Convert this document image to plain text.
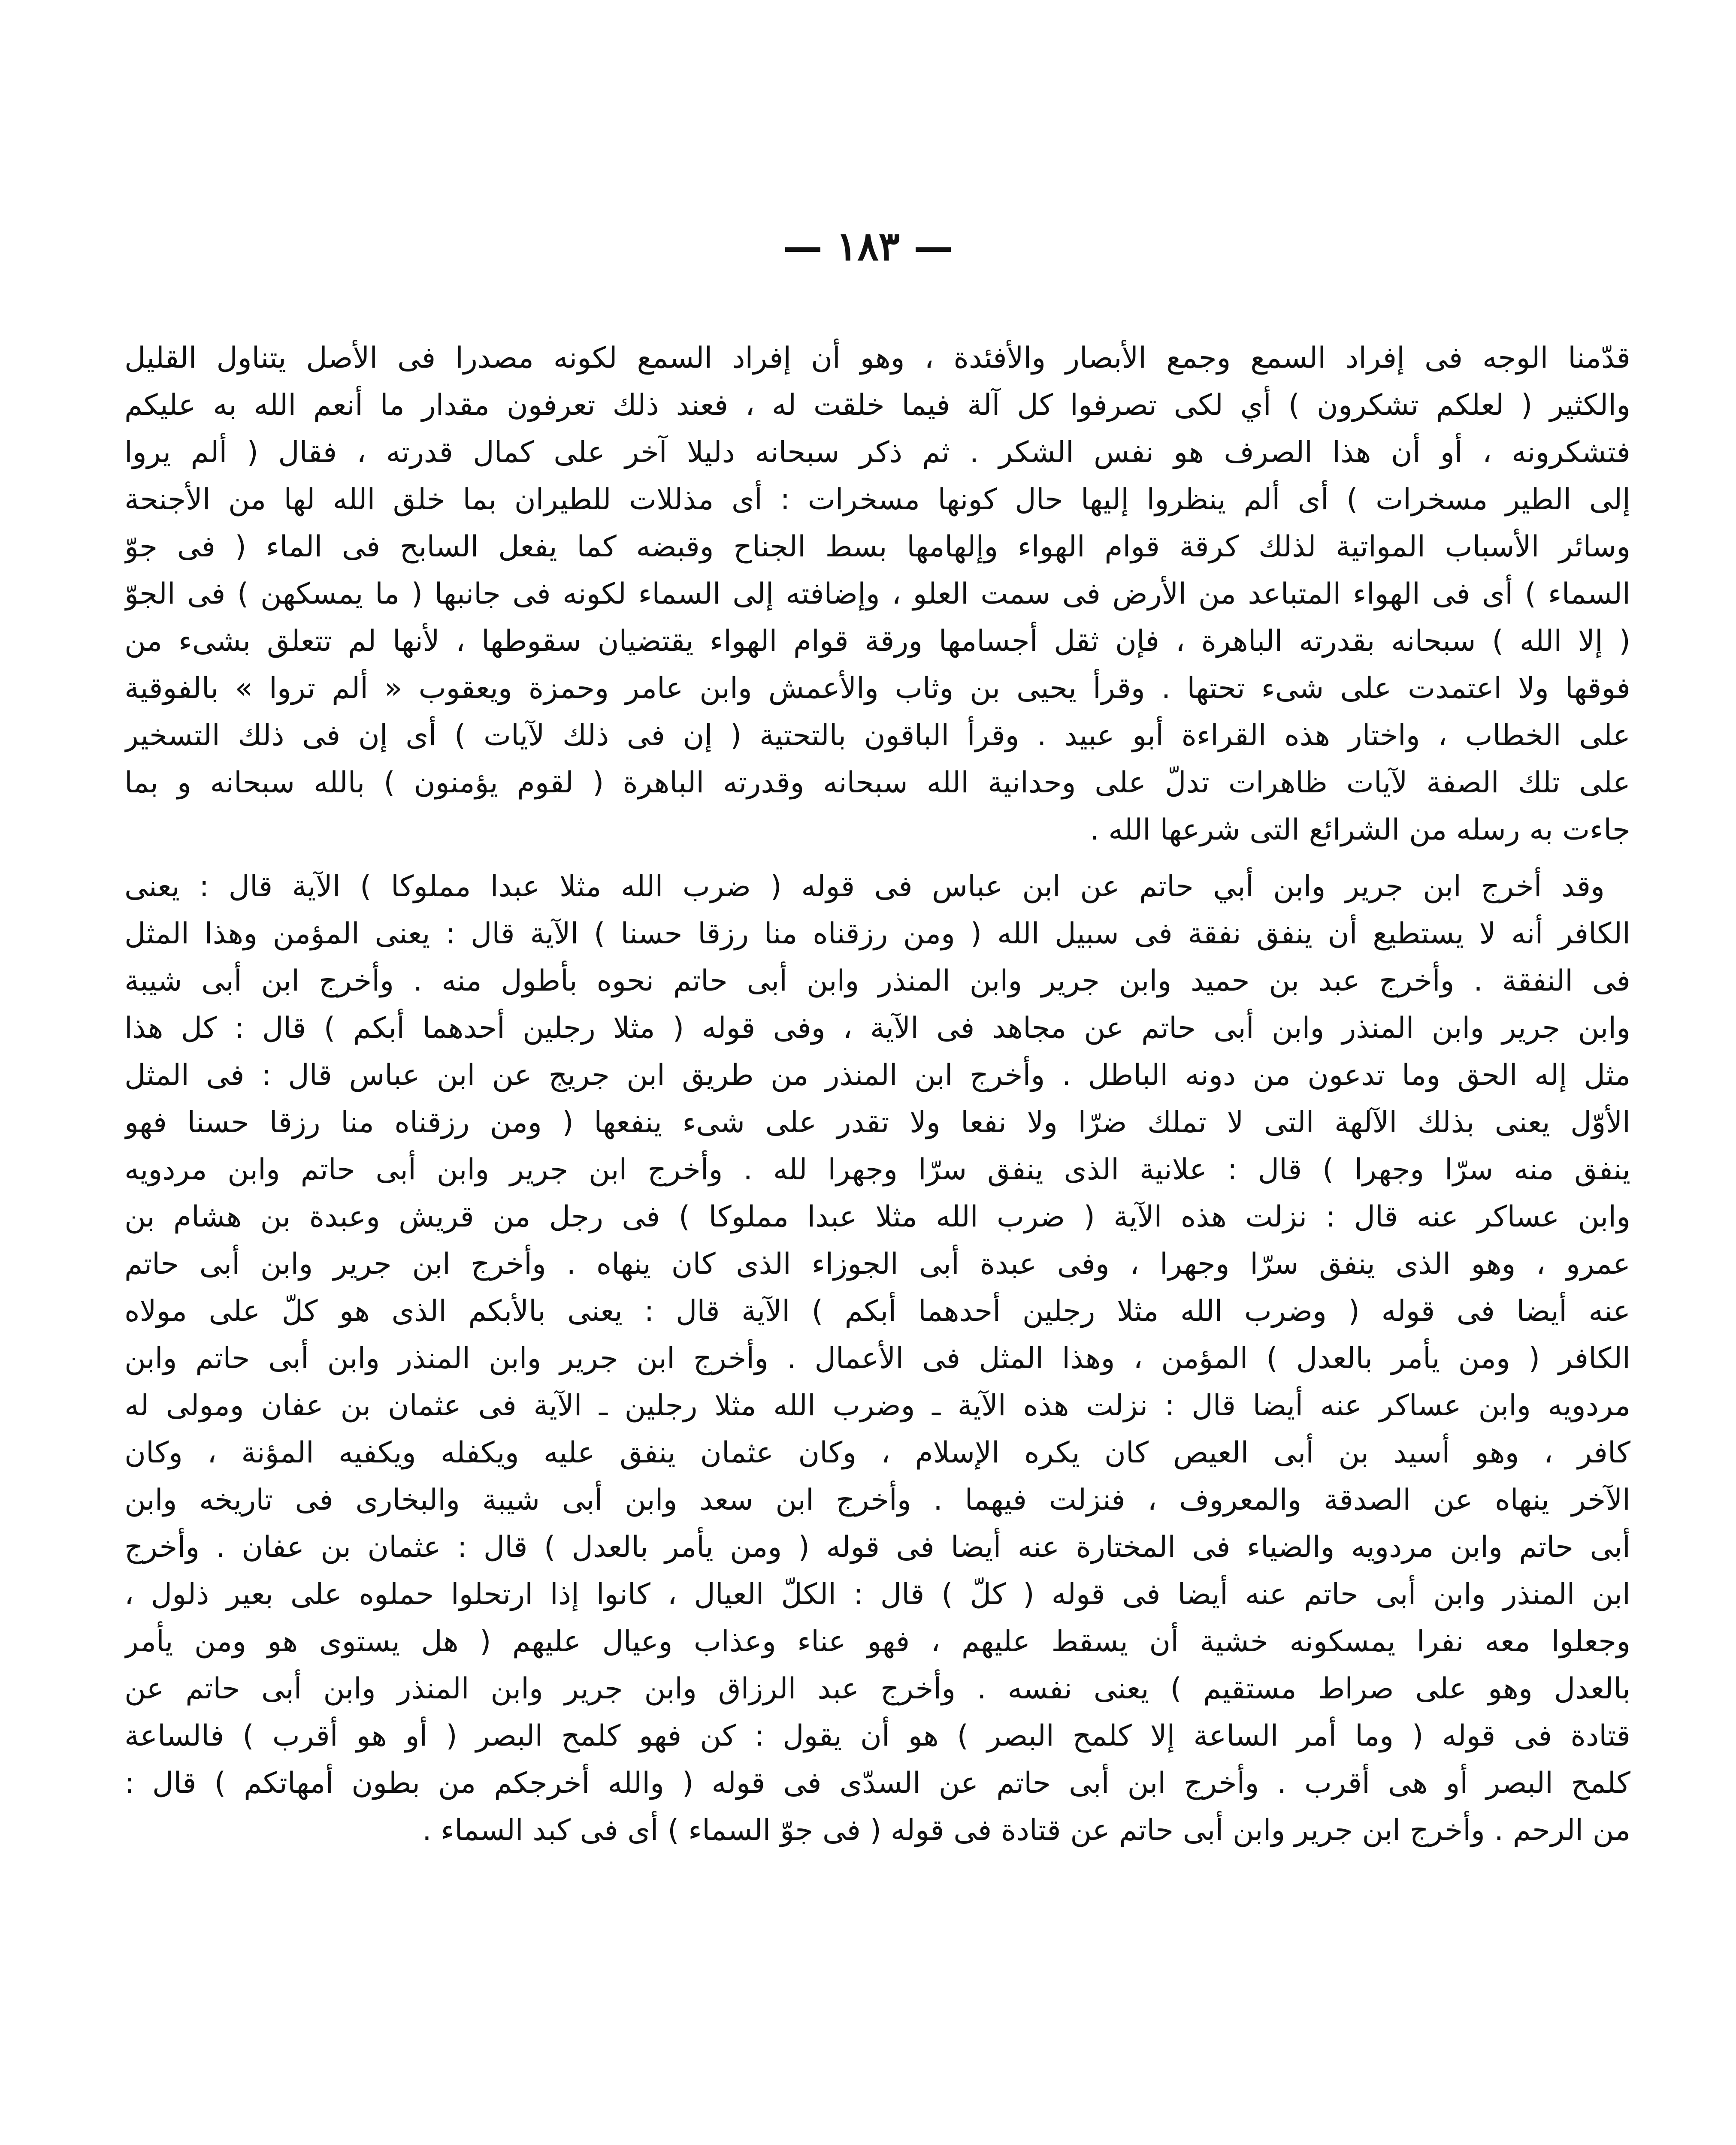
— ١٨٣ —
قدّمنا الوجه فى إفراد السمع وجمع الأبصار والأفئدة ، وهو أن إفراد السمع لكونه مصدرا فى الأصل يتناول القليل
والكثير ( لعلكم تشكرون ) أي لكى تصرفوا كل آلة فيما خلقت له ، فعند ذلك تعرفون مقدار ما أنعم الله به عليكم
فتشكرونه ، أو أن هذا الصرف هو نفس الشكر . ثم ذكر سبحانه دليلا آخر على كمال قدرته ، فقال ( ألم يروا
إلى الطير مسخرات ) أى ألم ينظروا إليها حال كونها مسخرات : أى مذللات للطيران بما خلق الله لها من الأجنحة
وسائر الأسباب المواتية لذلك كرقة قوام الهواء وإلهامها بسط الجناح وقبضه كما يفعل السابح فى الماء ( فى جوّ
السماء ) أى فى الهواء المتباعد من الأرض فى سمت العلو ، وإضافته إلى السماء لكونه فى جانبها ( ما يمسكهن ) فى الجوّ
( إلا الله ) سبحانه بقدرته الباهرة ، فإن ثقل أجسامها ورقة قوام الهواء يقتضيان سقوطها ، لأنها لم تتعلق بشىء من
فوقها ولا اعتمدت على شىء تحتها . وقرأ يحيى بن وثاب والأعمش وابن عامر وحمزة ويعقوب « ألم تروا » بالفوقية
على الخطاب ، واختار هذه القراءة أبو عبيد . وقرأ الباقون بالتحتية ( إن فى ذلك لآيات ) أى إن فى ذلك التسخير
على تلك الصفة لآيات ظاهرات تدلّ على وحدانية الله سبحانه وقدرته الباهرة ( لقوم يؤمنون ) بالله سبحانه و بما
جاءت به رسله من الشرائع التى شرعها الله .
وقد أخرج ابن جرير وابن أبي حاتم عن ابن عباس فى قوله ( ضرب الله مثلا عبدا مملوكا ) الآية قال : يعنى
الكافر أنه لا يستطيع أن ينفق نفقة فى سبيل الله ( ومن رزقناه منا رزقا حسنا ) الآية قال : يعنى المؤمن وهذا المثل
فى النفقة . وأخرج عبد بن حميد وابن جرير وابن المنذر وابن أبى حاتم نحوه بأطول منه . وأخرج ابن أبى شيبة
وابن جرير وابن المنذر وابن أبى حاتم عن مجاهد فى الآية ، وفى قوله ( مثلا رجلين أحدهما أبكم ) قال : كل هذا
مثل إله الحق وما تدعون من دونه الباطل . وأخرج ابن المنذر من طريق ابن جريج عن ابن عباس قال : فى المثل
الأوّل يعنى بذلك الآلهة التى لا تملك ضرّا ولا نفعا ولا تقدر على شىء ينفعها ( ومن رزقناه منا رزقا حسنا فهو
ينفق منه سرّا وجهرا ) قال : علانية الذى ينفق سرّا وجهرا لله . وأخرج ابن جرير وابن أبى حاتم وابن مردويه
وابن عساكر عنه قال : نزلت هذه الآية ( ضرب الله مثلا عبدا مملوكا ) فى رجل من قريش وعبدة بن هشام بن
عمرو ، وهو الذى ينفق سرّا وجهرا ، وفى عبدة أبى الجوزاء الذى كان ينهاه . وأخرج ابن جرير وابن أبى حاتم
عنه أيضا فى قوله ( وضرب الله مثلا رجلين أحدهما أبكم ) الآية قال : يعنى بالأبكم الذى هو كلّ على مولاه
الكافر ( ومن يأمر بالعدل ) المؤمن ، وهذا المثل فى الأعمال . وأخرج ابن جرير وابن المنذر وابن أبى حاتم وابن
مردويه وابن عساكر عنه أيضا قال : نزلت هذه الآية ـ وضرب الله مثلا رجلين ـ الآية فى عثمان بن عفان ومولى له
كافر ، وهو أسيد بن أبى العيص كان يكره الإسلام ، وكان عثمان ينفق عليه ويكفله ويكفيه المؤنة ، وكان
الآخر ينهاه عن الصدقة والمعروف ، فنزلت فيهما . وأخرج ابن سعد وابن أبى شيبة والبخارى فى تاريخه وابن
أبى حاتم وابن مردويه والضياء فى المختارة عنه أيضا فى قوله ( ومن يأمر بالعدل ) قال : عثمان بن عفان . وأخرج
ابن المنذر وابن أبى حاتم عنه أيضا فى قوله ( كلّ ) قال : الكلّ العيال ، كانوا إذا ارتحلوا حملوه على بعير ذلول ،
وجعلوا معه نفرا يمسكونه خشية أن يسقط عليهم ، فهو عناء وعذاب وعيال عليهم ( هل يستوى هو ومن يأمر
بالعدل وهو على صراط مستقيم ) يعنى نفسه . وأخرج عبد الرزاق وابن جرير وابن المنذر وابن أبى حاتم عن
قتادة فى قوله ( وما أمر الساعة إلا كلمح البصر ) هو أن يقول : كن فهو كلمح البصر ( أو هو أقرب ) فالساعة
كلمح البصر أو هى أقرب . وأخرج ابن أبى حاتم عن السدّى فى قوله ( والله أخرجكم من بطون أمهاتكم ) قال :
من الرحم . وأخرج ابن جرير وابن أبى حاتم عن قتادة فى قوله ( فى جوّ السماء ) أى فى كبد السماء .
